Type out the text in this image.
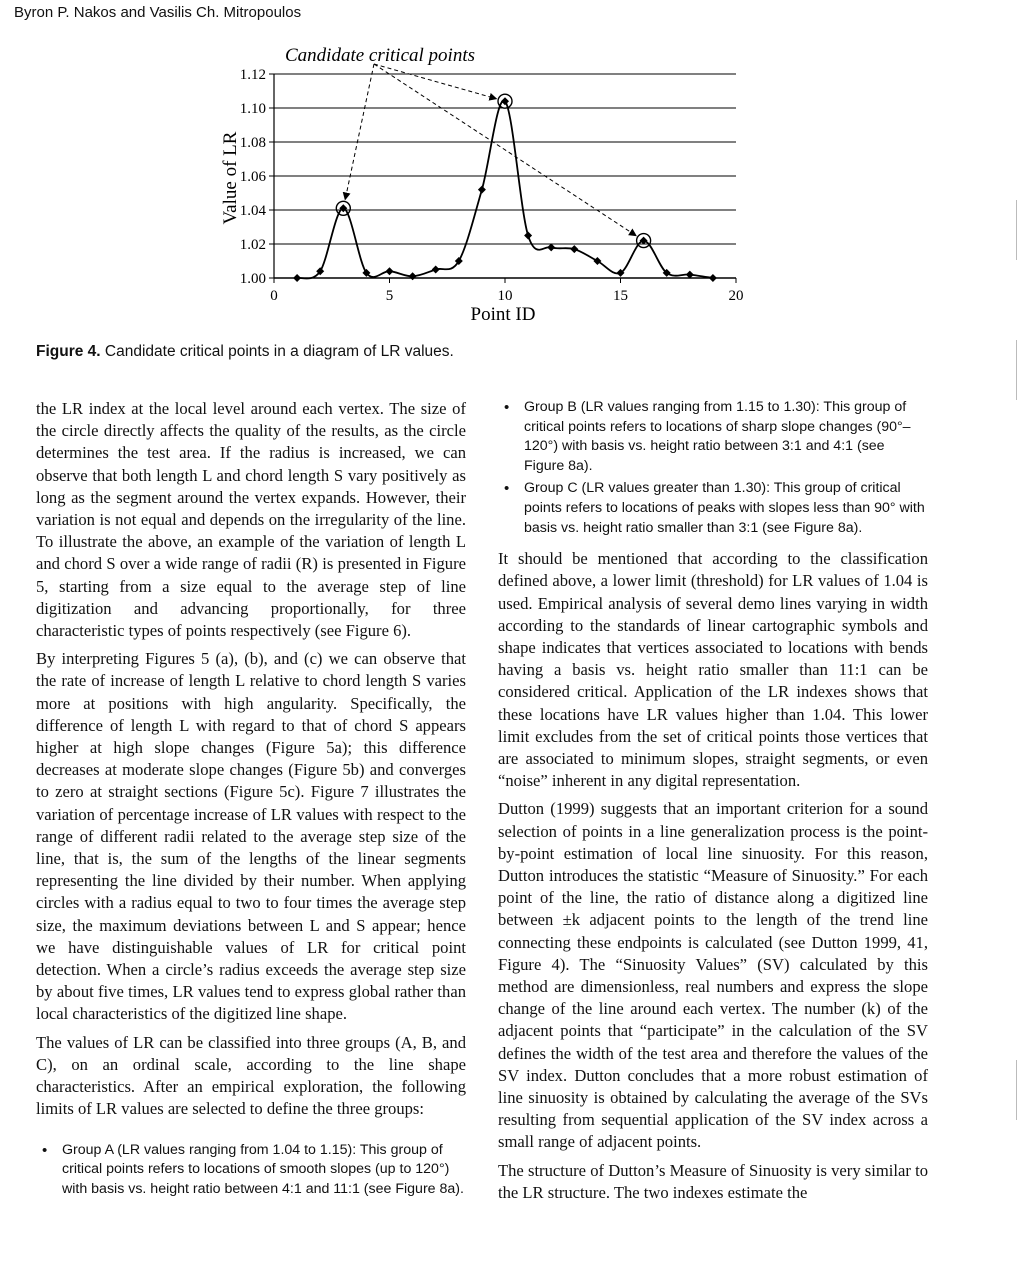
Byron P. Nakos and Vasilis Ch. Mitropoulos
Candidate critical points
Value of LR
Point ID
1.00
1.02
1.04
1.06
1.08
1.10
1.12
0	5	10	15	20
Figure 4. Candidate critical points in a diagram of LR values.

the LR index at the local level around each vertex. The size of the circle directly affects the quality of the results, as the circle determines the test area. If the radius is increased, we can observe that both length L and chord length S vary positively as long as the segment around the vertex expands. However, their variation is not equal and depends on the irregularity of the line. To illustrate the above, an example of the variation of length L and chord S over a wide range of radii (R) is presented in Figure 5, starting from a size equal to the average step of line digitization and advancing proportionally, for three characteristic types of points respectively (see Figure 6).

By interpreting Figures 5 (a), (b), and (c) we can observe that the rate of increase of length L relative to chord length S varies more at positions with high angularity. Specifically, the difference of length L with regard to that of chord S appears higher at high slope changes (Figure 5a); this difference decreases at moderate slope changes (Figure 5b) and converges to zero at straight sections (Figure 5c). Figure 7 illustrates the variation of percentage increase of LR values with respect to the range of different radii related to the average step size of the line, that is, the sum of the lengths of the linear segments representing the line divided by their number. When applying circles with a radius equal to two to four times the average step size, the maximum deviations between L and S appear; hence we have distinguishable values of LR for critical point detection. When a circle’s radius exceeds the average step size by about five times, LR values tend to express global rather than local characteristics of the digitized line shape.

The values of LR can be classified into three groups (A, B, and C), on an ordinal scale, according to the line shape characteristics. After an empirical exploration, the following limits of LR values are selected to define the three groups:

• Group A (LR values ranging from 1.04 to 1.15): This group of critical points refers to locations of smooth slopes (up to 120°) with basis vs. height ratio between 4:1 and 11:1 (see Figure 8a).
• Group B (LR values ranging from 1.15 to 1.30): This group of critical points refers to locations of sharp slope changes (90°–120°) with basis vs. height ratio between 3:1 and 4:1 (see Figure 8a).
• Group C (LR values greater than 1.30): This group of critical points refers to locations of peaks with slopes less than 90° with basis vs. height ratio smaller than 3:1 (see Figure 8a).

It should be mentioned that according to the classification defined above, a lower limit (threshold) for LR values of 1.04 is used. Empirical analysis of several demo lines varying in width according to the standards of linear cartographic symbols and shape indicates that vertices associated to locations with bends having a basis vs. height ratio smaller than 11:1 can be considered critical. Application of the LR indexes shows that these locations have LR values higher than 1.04. This lower limit excludes from the set of critical points those vertices that are associated to minimum slopes, straight segments, or even “noise” inherent in any digital representation.

Dutton (1999) suggests that an important criterion for a sound selection of points in a line generalization process is the point-by-point estimation of local line sinuosity. For this reason, Dutton introduces the statistic “Measure of Sinuosity.” For each point of the line, the ratio of distance along a digitized line between ±k adjacent points to the length of the trend line connecting these endpoints is calculated (see Dutton 1999, 41, Figure 4). The “Sinuosity Values” (SV) calculated by this method are dimensionless, real numbers and express the slope change of the line around each vertex. The number (k) of the adjacent points that “participate” in the calculation of the SV defines the width of the test area and therefore the values of the SV index. Dutton concludes that a more robust estimation of line sinuosity is obtained by calculating the average of the SVs resulting from sequential application of the SV index across a small range of adjacent points.

The structure of Dutton’s Measure of Sinuosity is very similar to the LR structure. The two indexes estimate the
